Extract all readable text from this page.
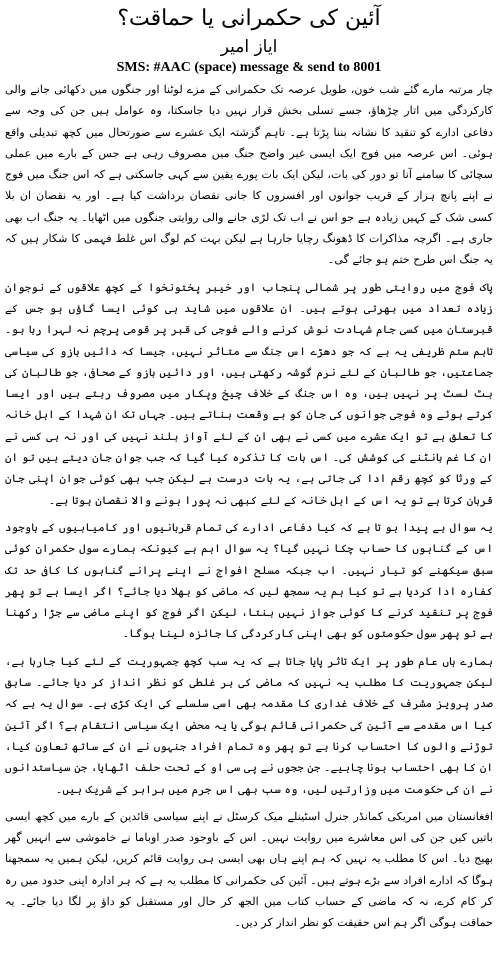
آئین کی حکمرانی یا حماقت؟
ایاز امیر
SMS: #AAC (space) message & send to 8001

چار مرتبہ مارے گئے شب خون، طویل عرصہ تک حکمرانی کے مزے لوٹنا اور جنگوں میں دکھائی جانے والی کارکردگی میں اتار چڑھاؤ، جسے تسلی بخش قرار نہیں دیا جاسکتا، وہ عوامل ہیں جن کی وجہ سے دفاعی ادارے کو تنقید کا نشانہ بننا پڑتا ہے۔ تاہم گزشتہ ایک عشرے سے صورتحال میں کچھ تبدیلی واقع ہوئی۔ اس عرصہ میں فوج ایک ایسی غیر واضح جنگ میں مصروف رہی ہے جس کے بارے میں عملی سچائی کا سامنے آنا تو دور کی بات، لیکن ایک بات پورے یقین سے کہی جاسکتی ہے کہ اس جنگ میں فوج نے اپنے پانچ ہزار کے قریب جوانوں اور افسروں کا جانی نقصان برداشت کیا ہے۔ اور یہ نقصان ان بلا کسی شک کے کہیں زیادہ ہے جو اس نے اب تک لڑی جانے والی روایتی جنگوں میں اٹھایا۔ یہ جنگ اب بھی جاری ہے۔ اگرچہ مذاکرات کا ڈھونگ رچایا جارہا ہے لیکن بہت کم لوگ اس غلط فہمی کا شکار ہیں کہ یہ جنگ اس طرح ختم ہو جائے گی۔

پاک فوج میں روایتی طور پر شمالی پنجاب اور خیبر پختونخوا کے کچھ علاقوں کے نوجوان زیادہ تعداد میں بھرتی ہوتے ہیں۔ ان علاقوں میں شاید ہی کوئی ایسا گاؤں ہو جس کے قبرستان میں کسی جام شہادت نوش کرنے والے فوجی کی قبر پر قومی پرچم نہ لہرا رہا ہو۔ تاہم ستم ظریفی یہ ہے کہ جو دھڑے اس جنگ سے متاثر نہیں، جیسا کہ دائیں بازو کی سیاسی جماعتیں، جو طالبان کے لئے نرم گوشہ رکھتی ہیں، اور دائیں بازو کے صحافی، جو طالبان کی بٹ لسٹ پر نہیں ہیں، وہ اس جنگ کے خلاف چیخ وپکار میں مصروف رہتے ہیں اور ایسا کرتے ہوئے وہ فوجی جوانوں کی جان کو بے وقعت بناتے ہیں۔ جہاں تک ان شہدا کے اہل خانہ کا تعلق ہے تو ایک عشرے میں کسی نے بھی ان کے لئے آواز بلند نہیں کی اور نہ ہی کسی نے ان کا غم بانٹنے کی کوشش کی۔ اس بات کا تذکرہ کیا گیا کہ جب جوان جان دیتے ہیں تو ان کے ورثا کو کچھ رقم ادا کی جاتی ہے، یہ بات درست ہے لیکن جب بھی کوئی جوان اپنی جان قربان کرتا ہے تو یہ اس کے اہل خانہ کے لئے کبھی نہ پورا ہونے والا نقصان ہوتا ہے۔

یہ سوال ہے پیدا ہو تا ہے کہ کیا دفاعی ادارے کی تمام قربانیوں اور کامیابیوں کے باوجود اس کے گناہوں کا حساب چکا نہیں گیا؟ یہ سوال اہم ہے کیونکہ ہمارے سول حکمران کوئی سبق سیکھنے کو تیار نہیں۔ اب جبکہ مسلح افواج نے اپنے پرانے گناہوں کا کافی حد تک کفارہ ادا کردیا ہے تو کیا ہم یہ سمجھ لیں کہ ماضی کو بھلا دیا جائے؟ اگر ایسا ہے تو پھر فوج پر تنقید کرنے کا کوئی جواز نہیں بنتا، لیکن اگر فوج کو اپنے ماضی سے جڑا رکھنا ہے تو پھر سول حکومتوں کو بھی اپنی کارکردگی کا جائزہ لینا ہوگا۔

ہمارے ہاں عام طور پر ایک تاثر پایا جاتا ہے کہ یہ سب کچھ جمہوریت کے لئے کیا جارہا ہے، لیکن جمہوریت کا مطلب یہ نہیں کہ ماضی کی ہر غلطی کو نظر انداز کر دیا جائے۔ سابق صدر پرویز مشرف کے خلاف غداری کا مقدمہ بھی اسی سلسلے کی ایک کڑی ہے۔ سوال یہ ہے کہ کیا اس مقدمے سے آئین کی حکمرانی قائم ہوگی یا یہ محض ایک سیاسی انتقام ہے؟ اگر آئین توڑنے والوں کا احتساب کرنا ہے تو پھر وہ تمام افراد جنہوں نے ان کے ساتھ تعاون کیا، ان کا بھی احتساب ہونا چاہیے۔ جن ججوں نے پی سی او کے تحت حلف اٹھایا، جن سیاستدانوں نے ان کی حکومت میں وزارتیں لیں، وہ سب بھی اس جرم میں برابر کے شریک ہیں۔

افغانستان میں امریکی کمانڈر جنرل اسٹینلے میک کرسٹل نے اپنے سیاسی قائدین کے بارے میں کچھ ایسی باتیں کیں جن کی اس معاشرے میں روایت نہیں۔ اس کے باوجود صدر اوباما نے خاموشی سے انہیں گھر بھیج دیا۔ اس کا مطلب یہ نہیں کہ ہم اپنے ہاں بھی ایسی ہی روایت قائم کریں، لیکن ہمیں یہ سمجھنا ہوگا کہ ادارے افراد سے بڑے ہوتے ہیں۔ آئین کی حکمرانی کا مطلب یہ ہے کہ ہر ادارہ اپنی حدود میں رہ کر کام کرے، نہ کہ ماضی کے حساب کتاب میں الجھ کر حال اور مستقبل کو داؤ پر لگا دیا جائے۔ یہ حماقت ہوگی اگر ہم اس حقیقت کو نظر انداز کر دیں۔
